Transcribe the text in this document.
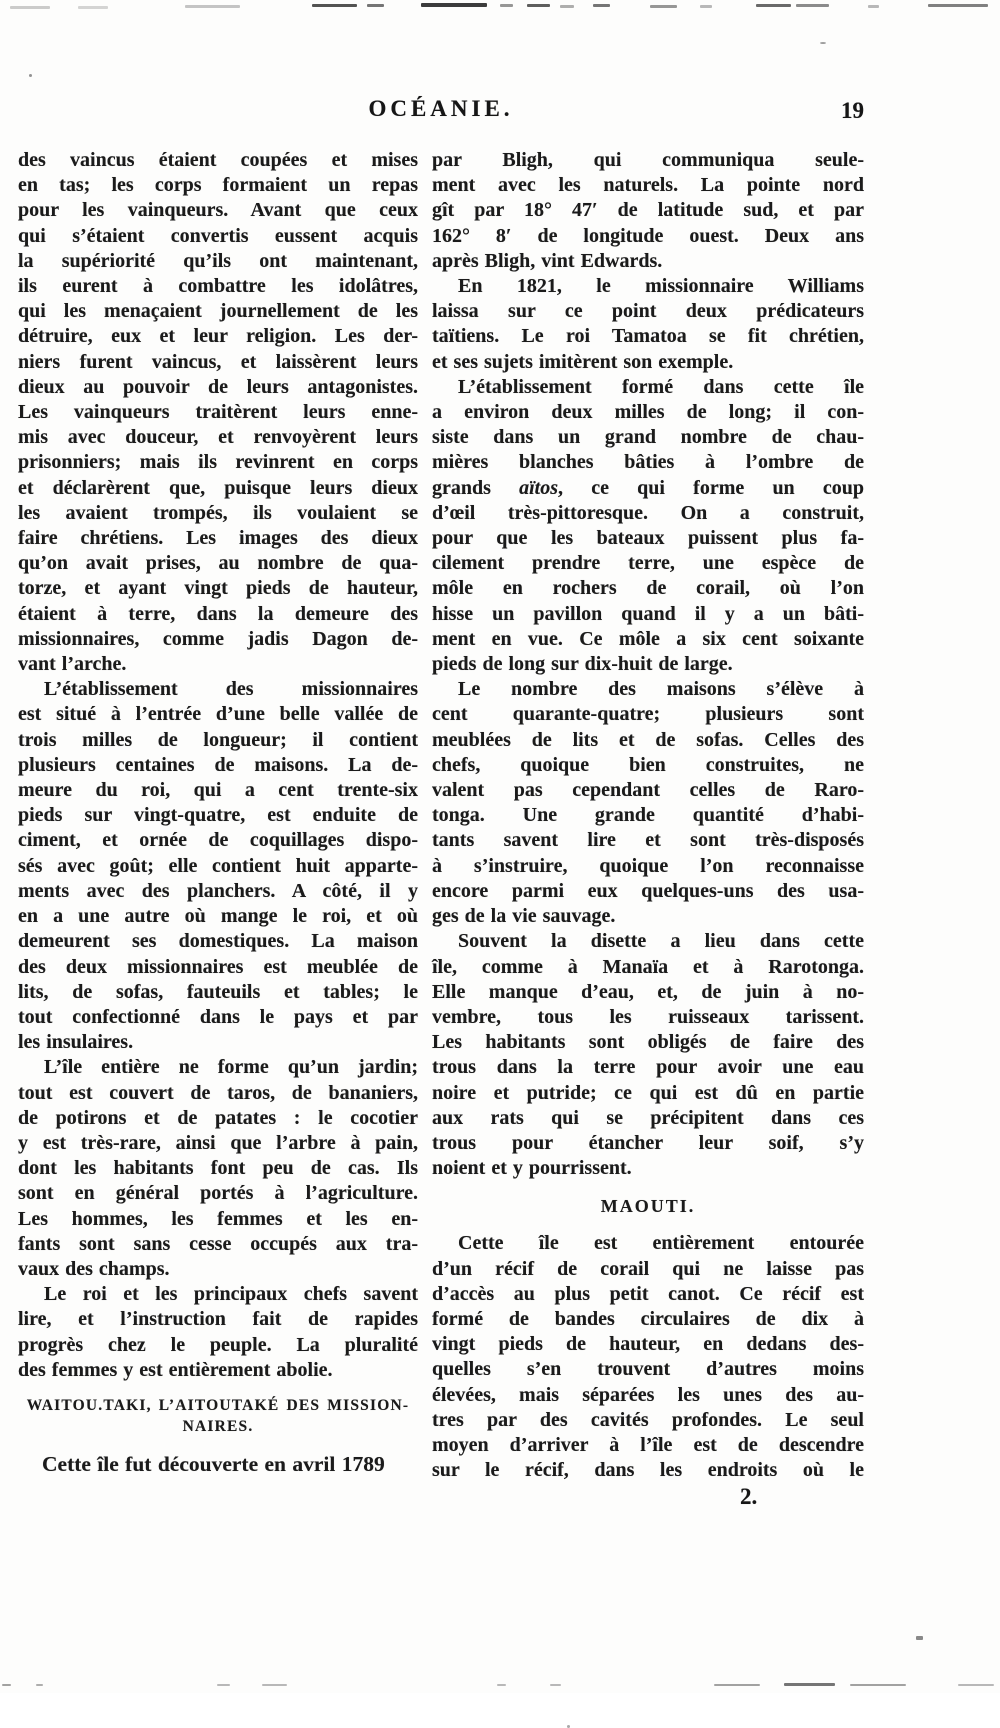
OCÉANIE.	19
des vaincus étaient coupées et mises
en tas; les corps formaient un repas
pour les vainqueurs. Avant que ceux
qui s’étaient convertis eussent acquis
la supériorité qu’ils ont maintenant,
ils eurent à combattre les idolâtres,
qui les menaçaient journellement de les
détruire, eux et leur religion. Les der-
niers furent vaincus, et laissèrent leurs
dieux au pouvoir de leurs antagonistes.
Les vainqueurs traitèrent leurs enne-
mis avec douceur, et renvoyèrent leurs
prisonniers; mais ils revinrent en corps
et déclarèrent que, puisque leurs dieux
les avaient trompés, ils voulaient se
faire chrétiens. Les images des dieux
qu’on avait prises, au nombre de qua-
torze, et ayant vingt pieds de hauteur,
étaient à terre, dans la demeure des
missionnaires, comme jadis Dagon de-
vant l’arche.
L’établissement des missionnaires
est situé à l’entrée d’une belle vallée de
trois milles de longueur; il contient
plusieurs centaines de maisons. La de-
meure du roi, qui a cent trente-six
pieds sur vingt-quatre, est enduite de
ciment, et ornée de coquillages dispo-
sés avec goût; elle contient huit apparte-
ments avec des planchers. A côté, il y
en a une autre où mange le roi, et où
demeurent ses domestiques. La maison
des deux missionnaires est meublée de
lits, de sofas, fauteuils et tables; le
tout confectionné dans le pays et par
les insulaires.
L’île entière ne forme qu’un jardin;
tout est couvert de taros, de bananiers,
de potirons et de patates : le cocotier
y est très-rare, ainsi que l’arbre à pain,
dont les habitants font peu de cas. Ils
sont en général portés à l’agriculture.
Les hommes, les femmes et les en-
fants sont sans cesse occupés aux tra-
vaux des champs.
Le roi et les principaux chefs savent
lire, et l’instruction fait de rapides
progrès chez le peuple. La pluralité
des femmes y est entièrement abolie.
WAITOU.TAKI, L’AITOUTAKÉ DES MISSION-
NAIRES.
Cette île fut découverte en avril 1789
par Bligh, qui communiqua seule-
ment avec les naturels. La pointe nord
gît par 18° 47′ de latitude sud, et par
162° 8′ de longitude ouest. Deux ans
après Bligh, vint Edwards.
En 1821, le missionnaire Williams
laissa sur ce point deux prédicateurs
taïtiens. Le roi Tamatoa se fit chrétien,
et ses sujets imitèrent son exemple.
L’établissement formé dans cette île
a environ deux milles de long; il con-
siste dans un grand nombre de chau-
mières blanches bâties à l’ombre de
grands aïtos, ce qui forme un coup
d’œil très-pittoresque. On a construit,
pour que les bateaux puissent plus fa-
cilement prendre terre, une espèce de
môle en rochers de corail, où l’on
hisse un pavillon quand il y a un bâti-
ment en vue. Ce môle a six cent soixante
pieds de long sur dix-huit de large.
Le nombre des maisons s’élève à
cent quarante-quatre; plusieurs sont
meublées de lits et de sofas. Celles des
chefs, quoique bien construites, ne
valent pas cependant celles de Raro-
tonga. Une grande quantité d’habi-
tants savent lire et sont très-disposés
à s’instruire, quoique l’on reconnaisse
encore parmi eux quelques-uns des usa-
ges de la vie sauvage.
Souvent la disette a lieu dans cette
île, comme à Manaïa et à Rarotonga.
Elle manque d’eau, et, de juin à no-
vembre, tous les ruisseaux tarissent.
Les habitants sont obligés de faire des
trous dans la terre pour avoir une eau
noire et putride; ce qui est dû en partie
aux rats qui se précipitent dans ces
trous pour étancher leur soif, s’y
noient et y pourrissent.
MAOUTI.
Cette île est entièrement entourée
d’un récif de corail qui ne laisse pas
d’accès au plus petit canot. Ce récif est
formé de bandes circulaires de dix à
vingt pieds de hauteur, en dedans des-
quelles s’en trouvent d’autres moins
élevées, mais séparées les unes des au-
tres par des cavités profondes. Le seul
moyen d’arriver à l’île est de descendre
sur le récif, dans les endroits où le
2.
